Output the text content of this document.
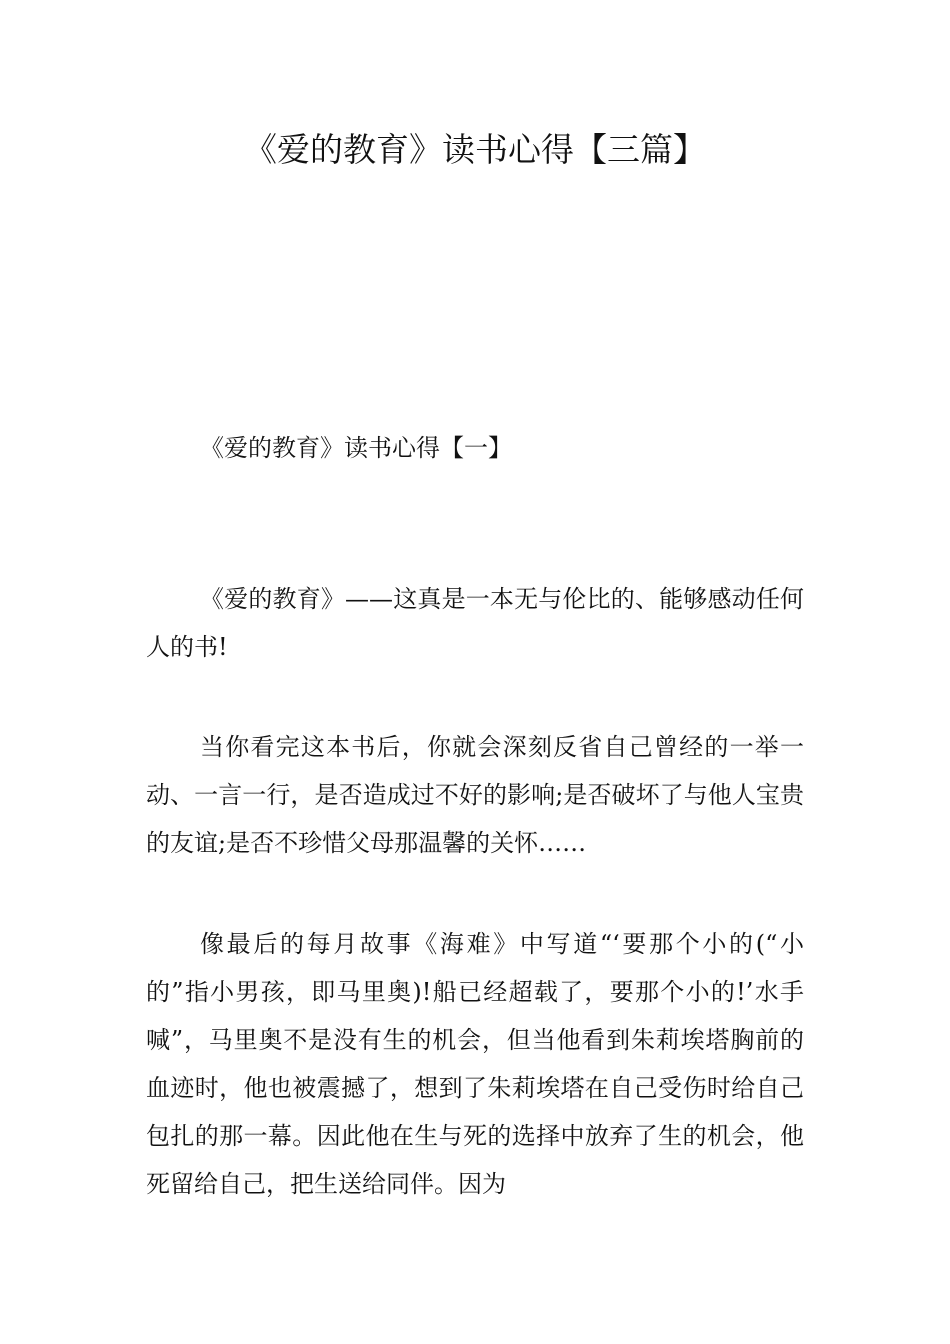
《爱的教育》读书心得【三篇】
《爱的教育》读书心得【一】
《爱的教育》——这真是一本无与伦比的、能够感动任何人的书!
当你看完这本书后，你就会深刻反省自己曾经的一举一动、一言一行，是否造成过不好的影响;是否破坏了与他人宝贵的友谊;是否不珍惜父母那温馨的关怀……
像最后的每月故事《海难》中写道“‘要那个小的(“小的”指小男孩，即马里奥)!船已经超载了，要那个小的!’水手喊”，马里奥不是没有生的机会，但当他看到朱莉埃塔胸前的血迹时，他也被震撼了，想到了朱莉埃塔在自己受伤时给自己包扎的那一幕。因此他在生与死的选择中放弃了生的机会，他死留给自己，把生送给同伴。因为
